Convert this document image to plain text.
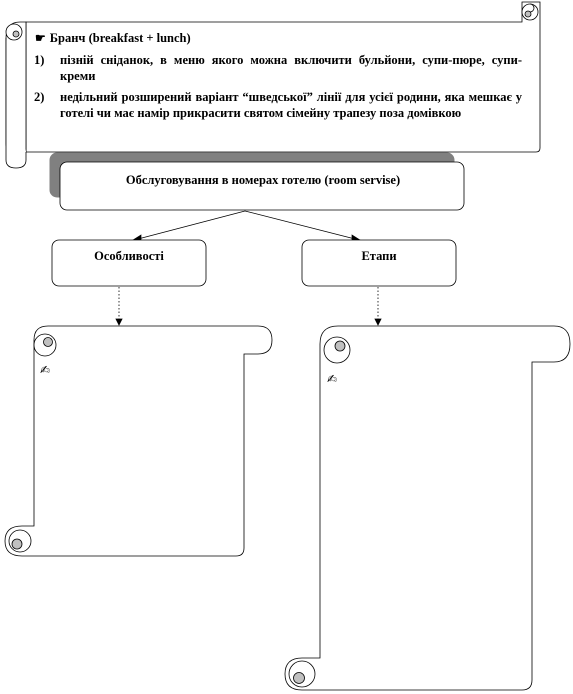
☛ Бранч (breakfast + lunch)
1)	пізній сніданок, в меню якого можна включити бульйони, супи-пюре, супи-креми
2)	недільний розширений варіант “шведської” лінії для усієї родини, яка мешкає у готелі чи має намір прикрасити святом сімейну трапезу поза домівкою
Обслуговування в номерах готелю (room servise)
Особливості	Етапи
✍
✍
